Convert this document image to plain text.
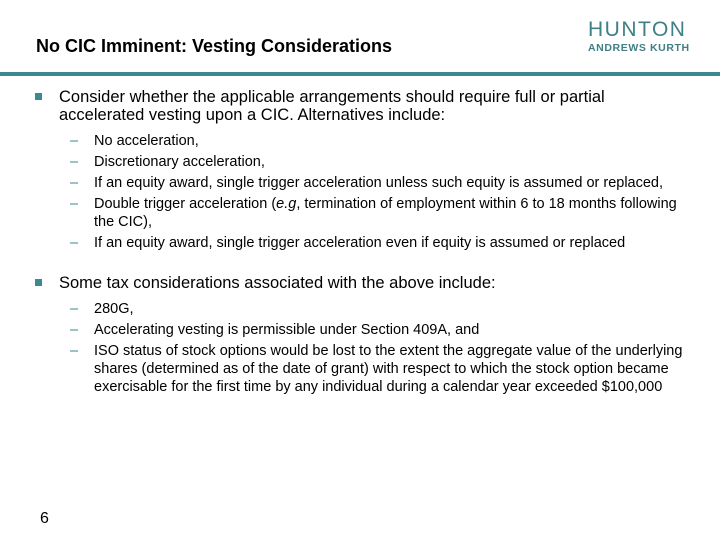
No CIC Imminent: Vesting Considerations
HUNTON
ANDREWS KURTH
Consider whether the applicable arrangements should require full or partial accelerated vesting upon a CIC. Alternatives include:
– No acceleration,
– Discretionary acceleration,
– If an equity award, single trigger acceleration unless such equity is assumed or replaced,
– Double trigger acceleration (e.g, termination of employment within 6 to 18 months following the CIC),
– If an equity award, single trigger acceleration even if equity is assumed or replaced
Some tax considerations associated with the above include:
– 280G,
– Accelerating vesting is permissible under Section 409A, and
– ISO status of stock options would be lost to the extent the aggregate value of the underlying shares (determined as of the date of grant) with respect to which the stock option became exercisable for the first time by any individual during a calendar year exceeded $100,000
6
